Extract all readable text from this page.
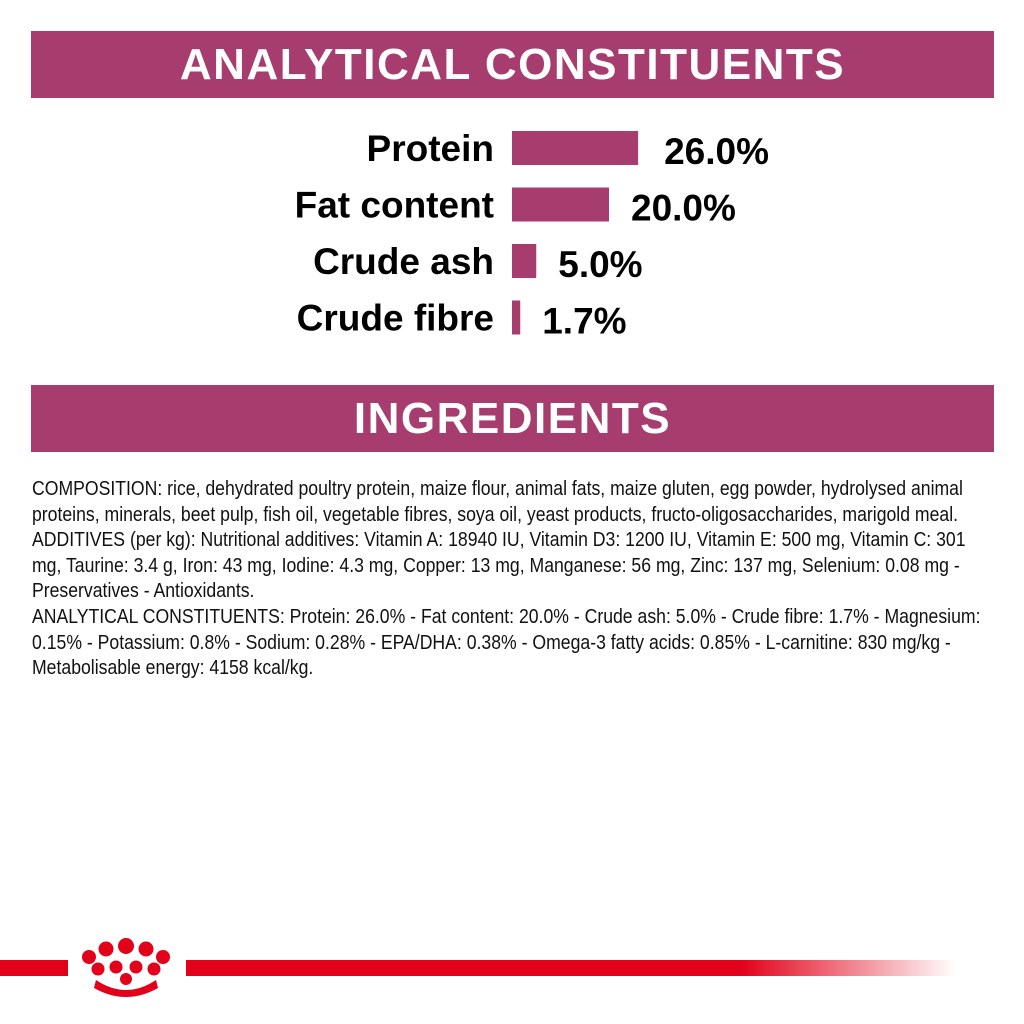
ANALYTICAL CONSTITUENTS
Protein	26.0%
Fat content	20.0%
Crude ash 5.0%
Crude fibre 1.7%
INGREDIENTS

COMPOSITION: rice, dehydrated poultry protein, maize flour, animal fats, maize gluten, egg powder, hydrolysed animal proteins, minerals, beet pulp, fish oil, vegetable fibres, soya oil, yeast products, fructo-oligosaccharides, marigold meal.

ADDITIVES (per kg): Nutritional additives: Vitamin A: 18940 IU, Vitamin D3: 1200 IU, Vitamin E: 500 mg, Vitamin C: 301 mg, Taurine: 3.4 g, Iron: 43 mg, Iodine: 4.3 mg, Copper: 13 mg, Manganese: 56 mg, Zinc: 137 mg, Selenium: 0.08 mg - Preservatives - Antioxidants.

ANALYTICAL CONSTITUENTS: Protein: 26.0% - Fat content: 20.0% - Crude ash: 5.0% - Crude fibre: 1.7% - Magnesium: 0.15% - Potassium: 0.8% - Sodium: 0.28% - EPA/DHA: 0.38% - Omega-3 fatty acids: 0.85% - L-carnitine: 830 mg/kg - Metabolisable energy: 4158 kcal/kg.
